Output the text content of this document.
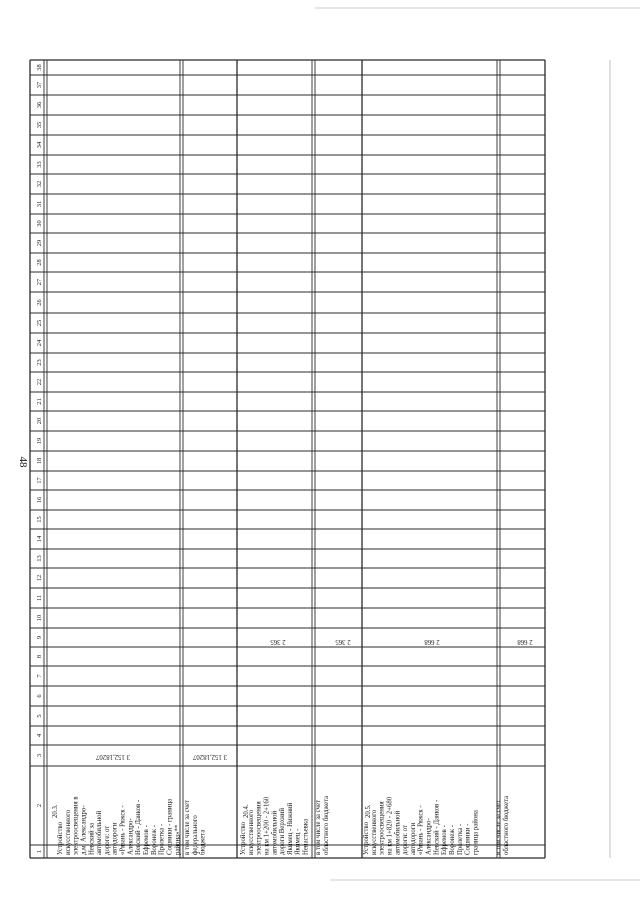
38
37
36
35
34
33
32
31
30
29
28
27
26
25
24
23
22
21
20
19
18
17
16
15
14
13
12
11
10
9
8
7
6
5
4
3
2
1
48
20.3.
Устройствоискусственногоэлектроосвещения вд.м. Александро-Невский заавтомобильнойдороге: отавтодороги«Рязань - Ряжск -Александро-Невский - Данков -Ефремов -Воронеж -Пролетка -Сошники - границарайона»**
3 152,18207
в том числе за счетфедеральногобюджета
3 152,18207
20.4.
Устройствоискусственногоэлектроосвещенияна км 1+200 - 2+160автомобильнойдороги ВерхнийЯкимец - НижнийЯкимец -Ненастьевка
2 365
в том числе за счетобластного бюджета
2 365
20.5.
Устройствоискусственногоэлектроосвещенияна км 1+820 - 2+680автомобильнойдороги: отавтодороги«Рязань - Ряжск -Александро-Невский - Данков -Ефремов -Воронеж -Пролетка -Сошники -граница района
2 668
в том числе за счетобластного бюджета
2 668
